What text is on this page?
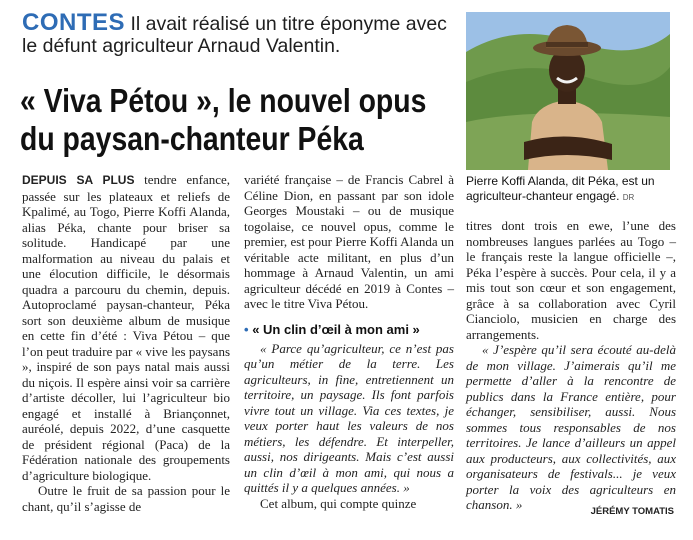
CONTES Il avait réalisé un titre éponyme avec le défunt agriculteur Arnaud Valentin.
« Viva Pétou », le nouvel opus
du paysan-chanteur Péka
Pierre Koffi Alanda, dit Péka, est un agriculteur-chanteur engagé. DR

DEPUIS SA PLUS tendre enfance, passée sur les plateaux et reliefs de Kpalimé, au Togo, Pierre Koffi Alanda, alias Péka, chante pour briser sa solitude. Handicapé par une malformation au niveau du palais et une élocution difficile, le désormais quadra a parcouru du chemin, depuis. Autoproclamé paysan-chanteur, Péka sort son deuxième album de musique en cette fin d’été : Viva Pétou – que l’on peut traduire par « vive les paysans », inspiré de son pays natal mais aussi du niçois. Il espère ainsi voir sa carrière d’artiste décoller, lui l’agriculteur bio engagé et installé à Briançonnet, auréolé, depuis 2022, d’une casquette de président régional (Paca) de la Fédération nationale des groupements d’agriculture biologique.

Outre le fruit de sa passion pour le chant, qu’il s’agisse de

variété française – de Francis Cabrel à Céline Dion, en passant par son idole Georges Moustaki – ou de musique togolaise, ce nouvel opus, comme le premier, est pour Pierre Koffi Alanda un véritable acte militant, en plus d’un hommage à Arnaud Valentin, un ami agriculteur décédé en 2019 à Contes – avec le titre Viva Pétou.

• « Un clin d’œil à mon ami »

« Parce qu’agriculteur, ce n’est pas qu’un métier de la terre. Les agriculteurs, in fine, entretiennent un territoire, un paysage. Ils font parfois vivre tout un village. Via ces textes, je veux porter haut les valeurs de nos métiers, les défendre. Et interpeller, aussi, nos dirigeants. Mais c’est aussi un clin d’œil à mon ami, qui nous a quittés il y a quelques années. »

Cet album, qui compte quinze

titres dont trois en ewe, l’une des nombreuses langues parlées au Togo – le français reste la langue officielle –, Péka l’espère à succès. Pour cela, il y a mis tout son cœur et son engagement, grâce à sa collaboration avec Cyril Cianciolo, musicien en charge des arrangements.

« J’espère qu’il sera écouté au-delà de mon village. J’aimerais qu’il me permette d’aller à la rencontre de publics dans la France entière, pour échanger, sensibiliser, aussi. Nous sommes tous responsables de nos territoires. Je lance d’ailleurs un appel aux producteurs, aux collectivités, aux organisateurs de festivals... je veux porter la voix des agriculteurs en chanson. »	JÉRÉMY TOMATIS
